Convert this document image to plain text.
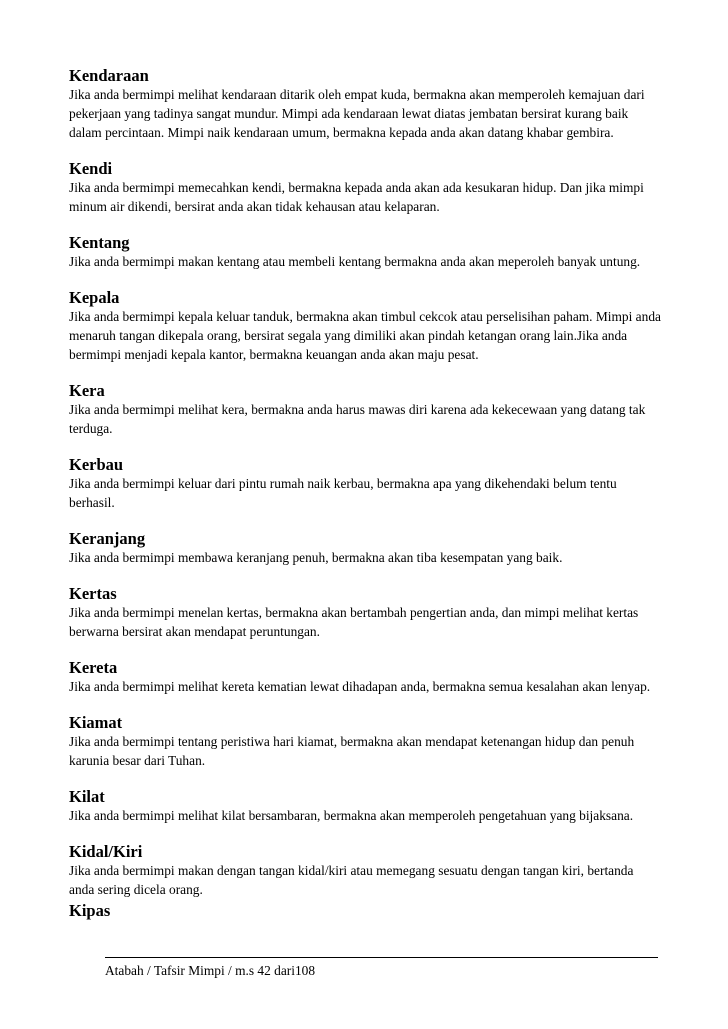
Kendaraan
Jika anda bermimpi melihat kendaraan ditarik oleh empat kuda, bermakna akan memperoleh kemajuan dari pekerjaan yang tadinya sangat mundur. Mimpi ada kendaraan lewat diatas jembatan bersirat kurang baik dalam percintaan. Mimpi naik kendaraan umum, bermakna kepada anda akan datang khabar gembira.
Kendi
Jika anda bermimpi memecahkan kendi, bermakna kepada anda akan ada kesukaran hidup. Dan jika mimpi minum air dikendi, bersirat anda akan tidak kehausan atau kelaparan.
Kentang
Jika anda bermimpi makan kentang atau membeli kentang bermakna anda akan meperoleh banyak untung.
Kepala
Jika anda bermimpi kepala keluar tanduk, bermakna akan timbul cekcok atau perselisihan paham. Mimpi anda menaruh tangan dikepala orang, bersirat segala yang dimiliki akan pindah ketangan orang lain.Jika anda bermimpi menjadi kepala kantor, bermakna keuangan anda akan maju pesat.
Kera
Jika anda bermimpi melihat kera, bermakna anda harus mawas diri karena ada kekecewaan yang datang tak terduga.
Kerbau
Jika anda bermimpi keluar dari pintu rumah naik kerbau, bermakna apa yang dikehendaki belum tentu berhasil.
Keranjang
Jika anda bermimpi membawa keranjang penuh, bermakna akan tiba kesempatan yang baik.
Kertas
Jika anda bermimpi menelan kertas, bermakna akan bertambah pengertian anda, dan mimpi melihat kertas berwarna bersirat akan mendapat peruntungan.
Kereta
Jika anda bermimpi melihat kereta kematian lewat dihadapan anda, bermakna semua kesalahan akan lenyap.
Kiamat
Jika anda bermimpi tentang peristiwa hari kiamat, bermakna akan mendapat ketenangan hidup dan penuh karunia besar dari Tuhan.
Kilat
Jika anda bermimpi melihat kilat bersambaran, bermakna akan memperoleh pengetahuan yang bijaksana.
Kidal/Kiri
Jika anda bermimpi makan dengan tangan kidal/kiri atau memegang sesuatu dengan tangan kiri, bertanda anda sering dicela orang.
Kipas
Atabah / Tafsir Mimpi / m.s 42 dari108
